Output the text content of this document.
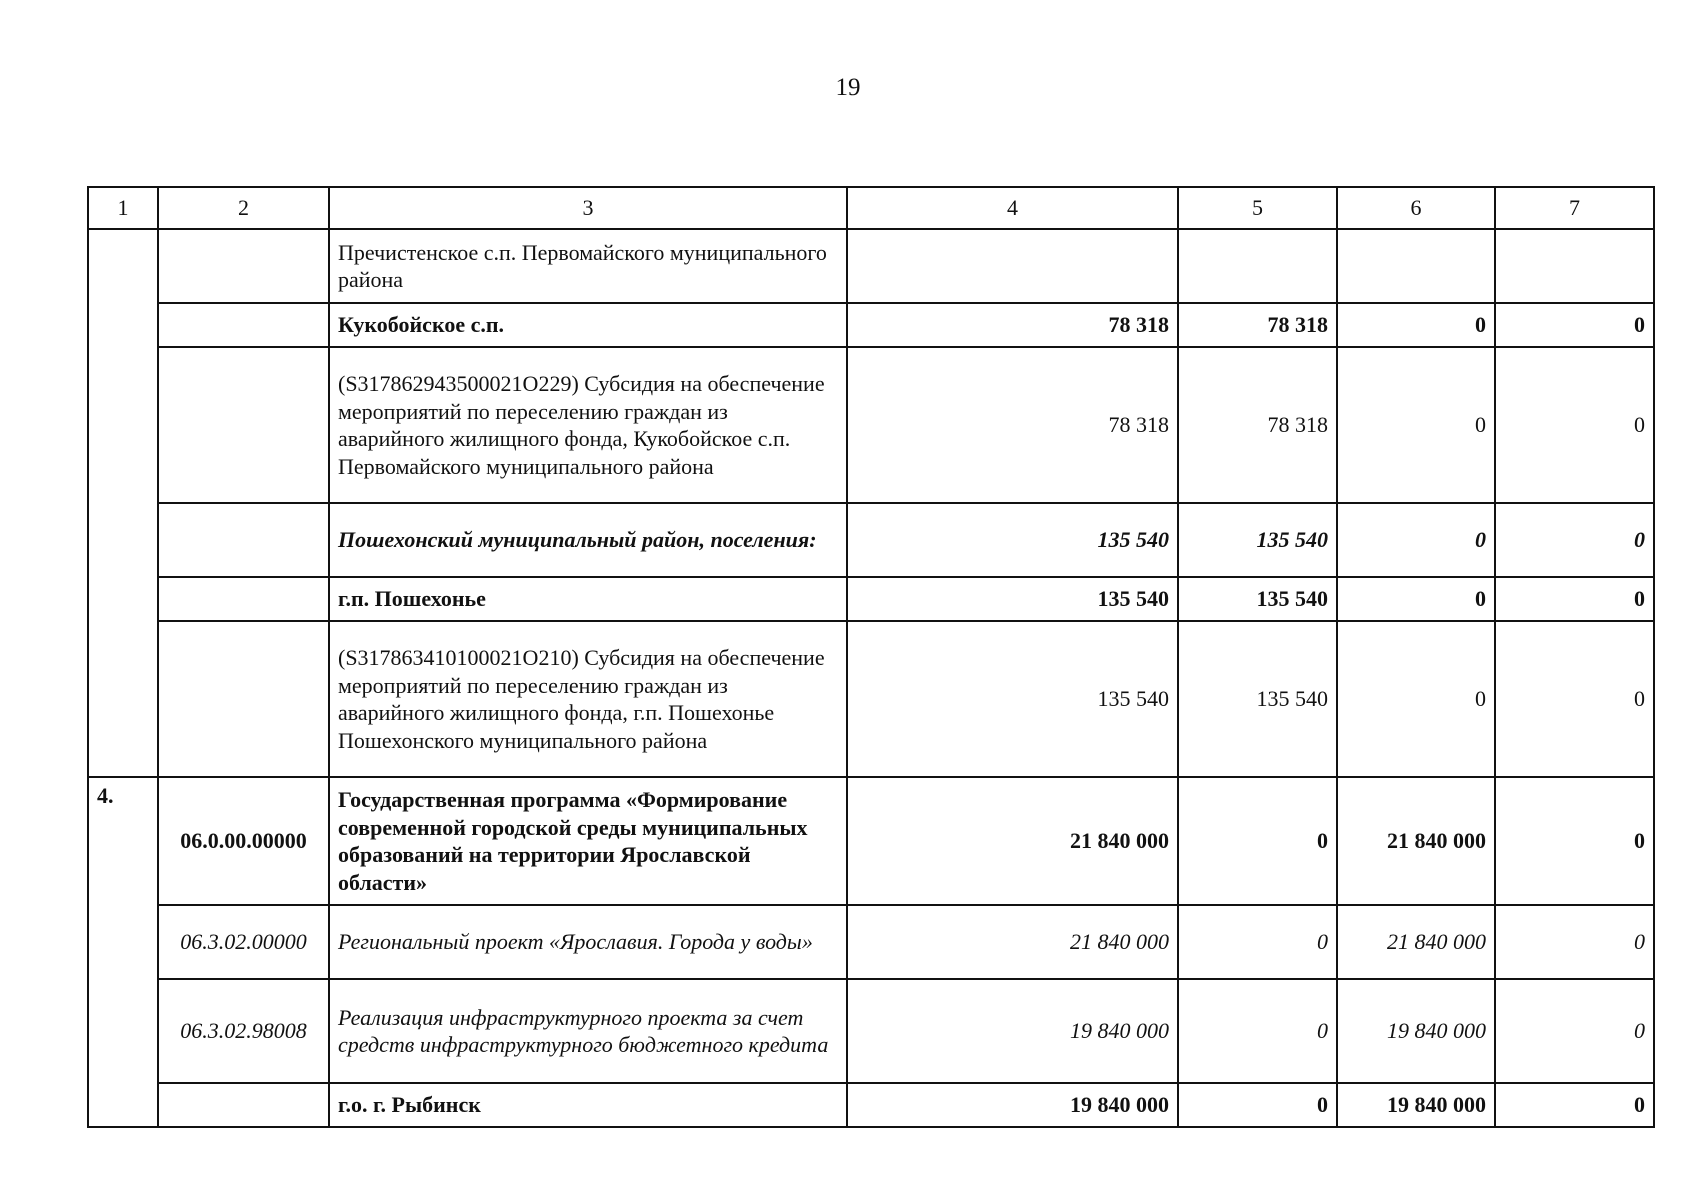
19
1	2	3	4	5	6	7
		Пречистенское с.п. Первомайского муниципального района				
		Кукобойское с.п.	78 318	78 318	0	0
		(S317862943500021O229) Субсидия на обеспечение мероприятий по переселению граждан из аварийного жилищного фонда, Кукобойское с.п. Первомайского муниципального района	78 318	78 318	0	0
		Пошехонский муниципальный район, поселения:	135 540	135 540	0	0
		г.п. Пошехонье	135 540	135 540	0	0
		(S317863410100021O210) Субсидия на обеспечение мероприятий по переселению граждан из аварийного жилищного фонда, г.п. Пошехонье Пошехонского муниципального района	135 540	135 540	0	0
4.	06.0.00.00000	Государственная программа «Формирование современной городской среды муниципальных образований на территории Ярославской области»	21 840 000	0	21 840 000	0
	06.3.02.00000	Региональный проект «Ярославия. Города у воды»	21 840 000	0	21 840 000	0
	06.3.02.98008	Реализация инфраструктурного проекта за счет средств инфраструктурного бюджетного кредита	19 840 000	0	19 840 000	0
		г.о. г. Рыбинск	19 840 000	0	19 840 000	0
